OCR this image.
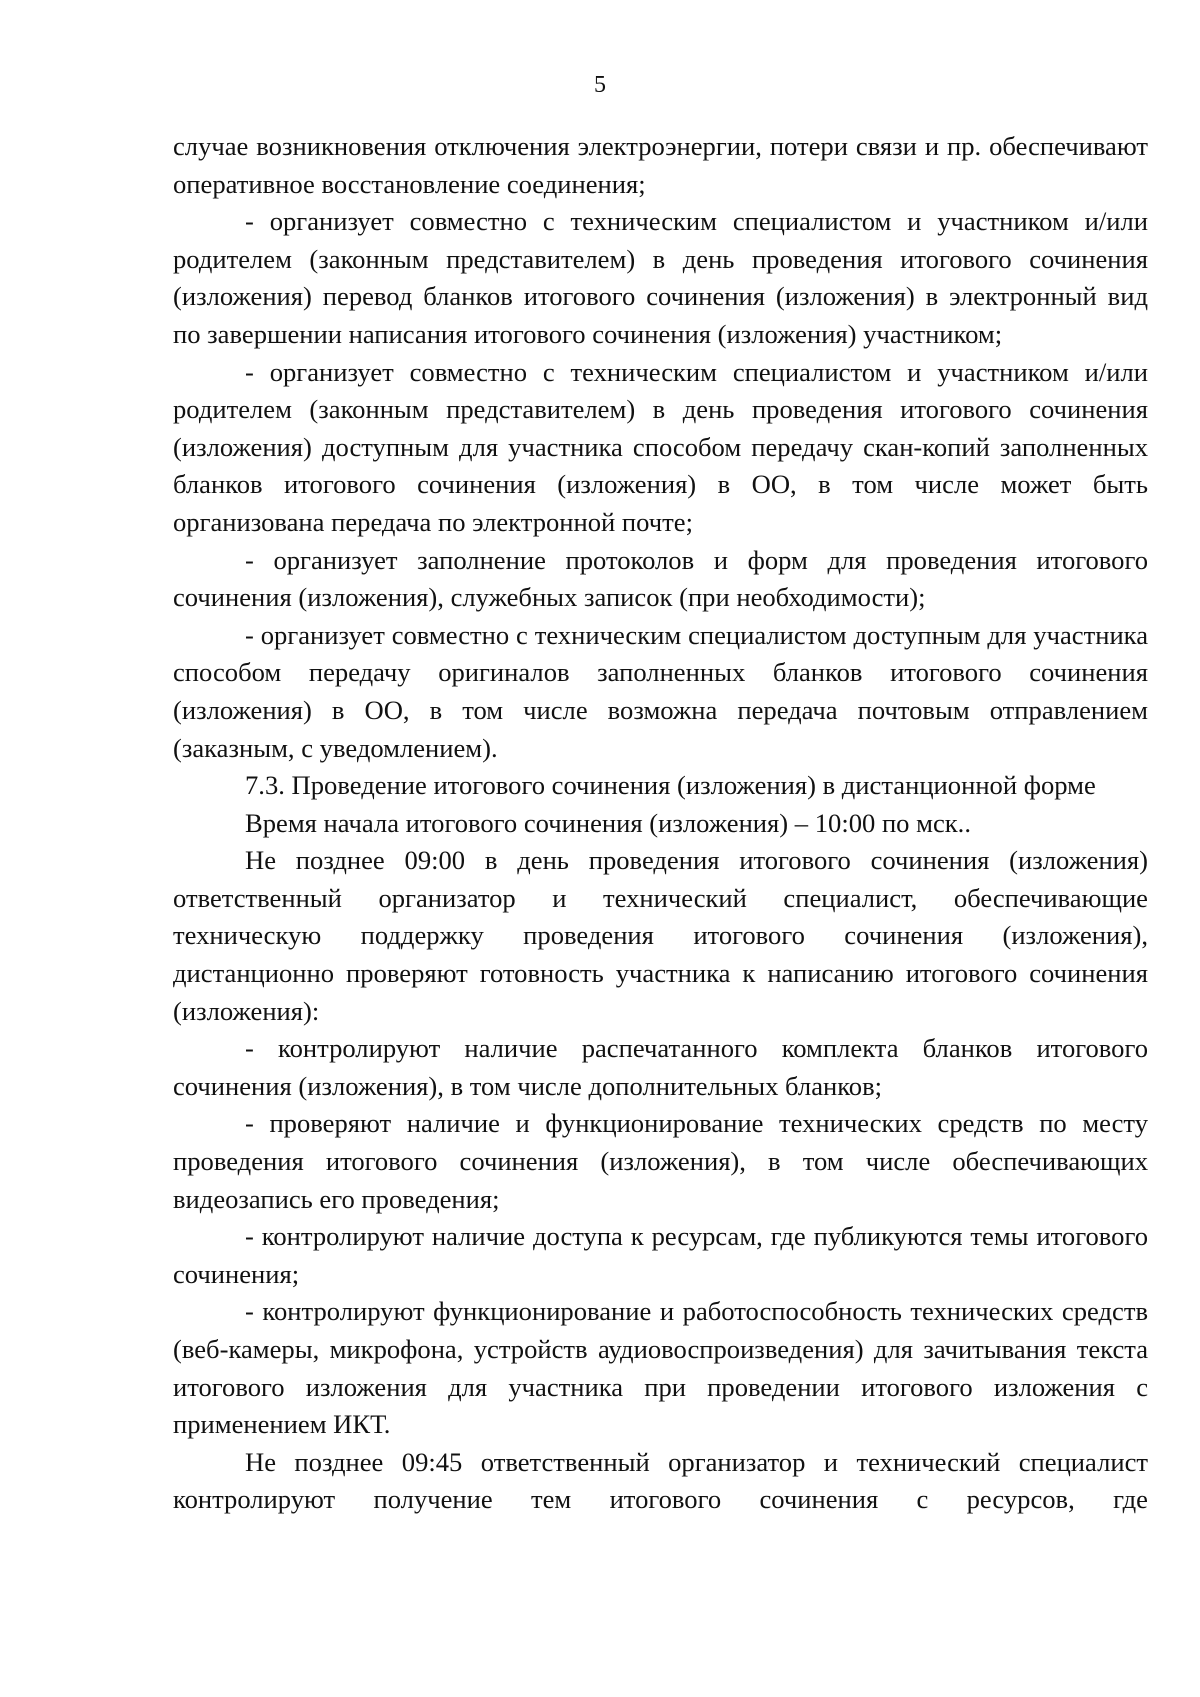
5

случае возникновения отключения электроэнергии, потери связи и пр. обеспечивают оперативное восстановление соединения;

- организует совместно с техническим специалистом и участником и/или родителем (законным представителем) в день проведения итогового сочинения (изложения) перевод бланков итогового сочинения (изложения) в электронный вид по завершении написания итогового сочинения (изложения) участником;

- организует совместно с техническим специалистом и участником и/или родителем (законным представителем) в день проведения итогового сочинения (изложения) доступным для участника способом передачу скан-копий заполненных бланков итогового сочинения (изложения) в ОО, в том числе может быть организована передача по электронной почте;

- организует заполнение протоколов и форм для проведения итогового сочинения (изложения), служебных записок (при необходимости);

- организует совместно с техническим специалистом доступным для участника способом передачу оригиналов заполненных бланков итогового сочинения (изложения) в ОО, в том числе возможна передача почтовым отправлением (заказным, с уведомлением).

7.3. Проведение итогового сочинения (изложения) в дистанционной форме

Время начала итогового сочинения (изложения) – 10:00 по мск..

Не позднее 09:00 в день проведения итогового сочинения (изложения) ответственный организатор и технический специалист, обеспечивающие техническую поддержку проведения итогового сочинения (изложения), дистанционно проверяют готовность участника к написанию итогового сочинения (изложения):

- контролируют наличие распечатанного комплекта бланков итогового сочинения (изложения), в том числе дополнительных бланков;

- проверяют наличие и функционирование технических средств по месту проведения итогового сочинения (изложения), в том числе обеспечивающих видеозапись его проведения;

- контролируют наличие доступа к ресурсам, где публикуются темы итогового сочинения;

- контролируют функционирование и работоспособность технических средств (веб-камеры, микрофона, устройств аудиовоспроизведения) для зачитывания текста итогового изложения для участника при проведении итогового изложения с применением ИКТ.

Не позднее 09:45 ответственный организатор и технический специалист контролируют получение тем итогового сочинения с ресурсов, где
